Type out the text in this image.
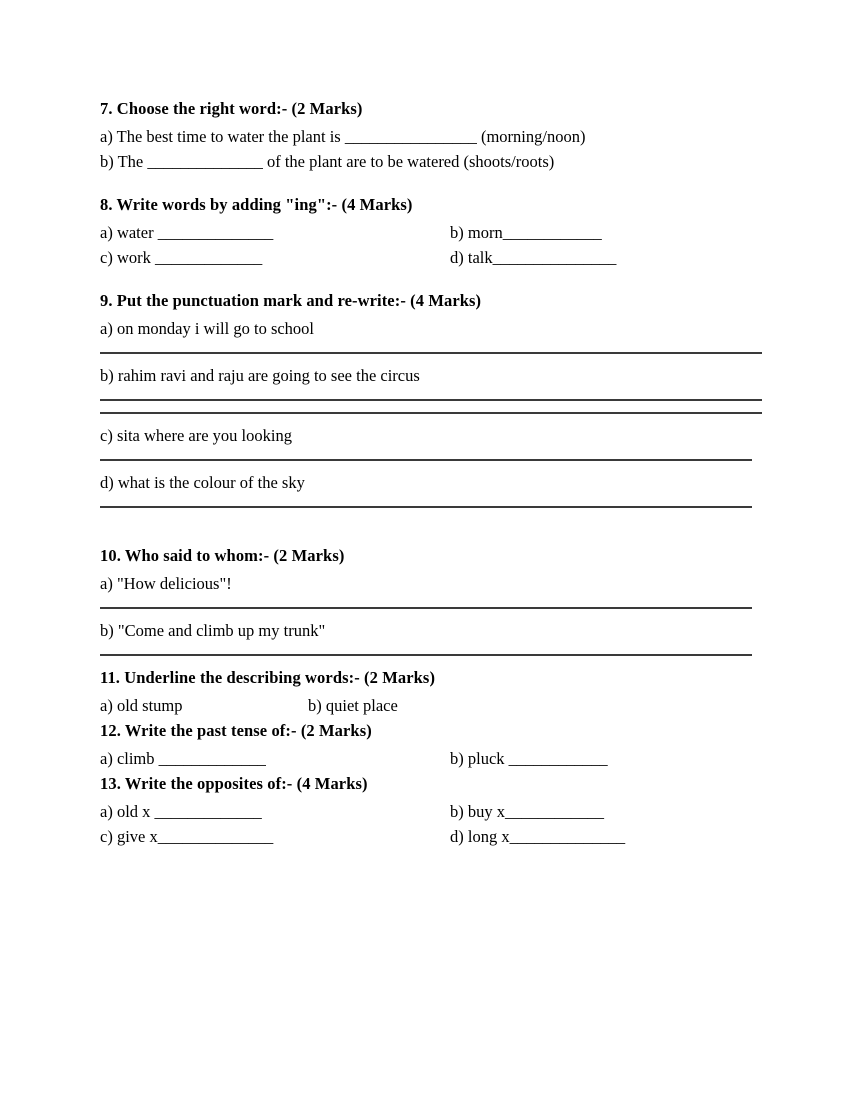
7. Choose the right word:- (2 Marks)

a) The best time to water the plant is ________________ (morning/noon)

b) The ______________ of the plant are to be watered (shoots/roots)

8. Write words by adding "ing":- (4 Marks)

a) water ______________	b) morn____________

c) work _____________	d) talk_______________

9. Put the punctuation mark and re-write:- (4 Marks)

a) on monday i will go to school

b) rahim ravi and raju are going to see the circus

c) sita where are you looking

d) what is the colour of the sky

10. Who said to whom:- (2 Marks)

a) "How delicious"!

b) "Come and climb up my trunk"

11. Underline the describing words:- (2 Marks)

a) old stump	b) quiet place

12. Write the past tense of:- (2 Marks)

a) climb _____________	b) pluck ____________

13. Write the opposites of:- (4 Marks)

a) old x _____________	b) buy x____________

c) give x______________	d) long x______________
